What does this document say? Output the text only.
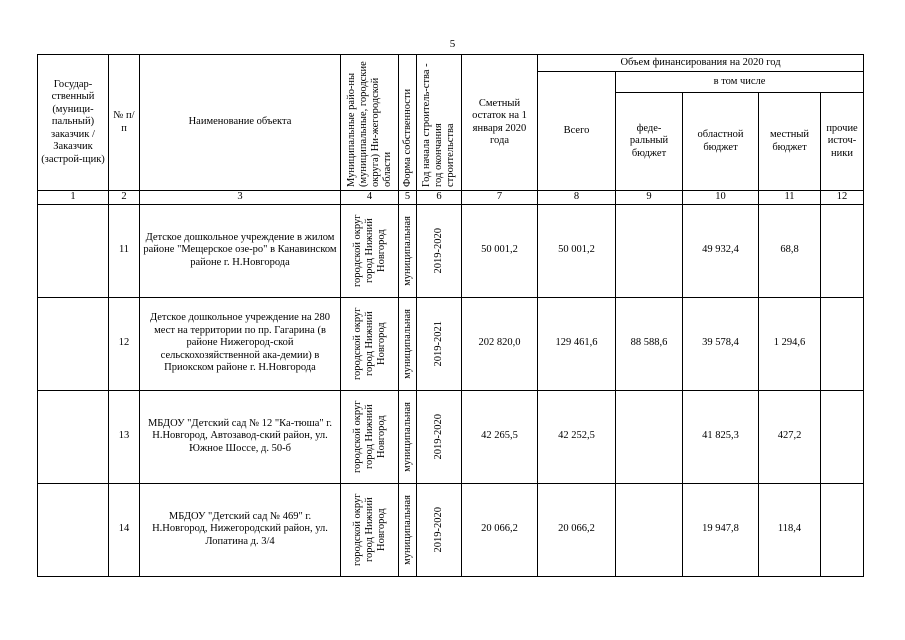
5
Государ-ственный (муници-пальный) заказчик / Заказчик (застрой-щик)	№ п/п	Наименование объекта	Муниципальные райо-ны (муниципальные, городские округа) Ни-жегородской области	Форма собственности	Год начала строитель-ства - год окончания строительства	Сметный остаток на 1 января 2020 года	Объем финансирования на 2020 год				
							Всего	в том числе			
								феде-ральный бюджет	областной бюджет	местный бюджет	прочие источ-ники
1	2	3	4	5	6	7	8	9	10	11	12
	11	Детское дошкольное учреждение в жилом районе "Мещерское озе-ро" в Канавинском районе г. Н.Новгорода	городской округ город Нижний Новгород	муниципальная	2019-2020	50 001,2	50 001,2		49 932,4	68,8	
	12	Детское дошкольное учреждение на 280 мест на территории по пр. Гагарина (в районе Нижегород-ской сельскохозяйственной ака-демии) в Приокском районе г. Н.Новгорода	городской округ город Нижний Новгород	муниципальная	2019-2021	202 820,0	129 461,6	88 588,6	39 578,4	1 294,6	
	13	МБДОУ "Детский сад № 12 "Ка-тюша" г. Н.Новгород, Автозавод-ский район, ул. Южное Шоссе, д. 50-б	городской округ город Нижний Новгород	муниципальная	2019-2020	42 265,5	42 252,5		41 825,3	427,2	
	14	МБДОУ "Детский сад № 469" г. Н.Новгород, Нижегородский район, ул. Лопатина д. 3/4	городской округ город Нижний Новгород	муниципальная	2019-2020	20 066,2	20 066,2		19 947,8	118,4	
